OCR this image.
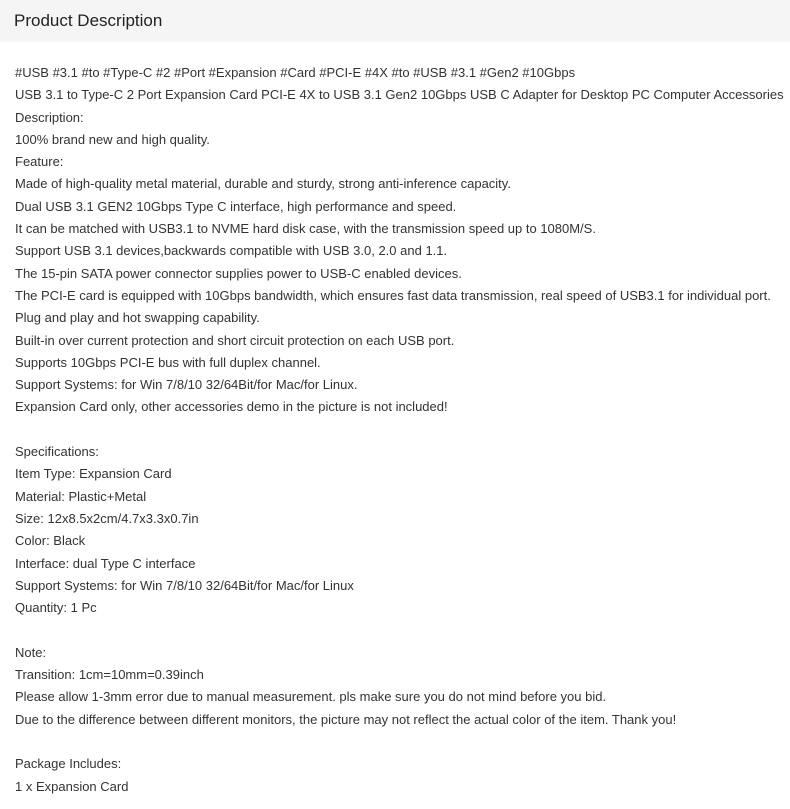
Product Description
#USB #3.1 #to #Type-C #2 #Port #Expansion #Card #PCI-E #4X #to #USB #3.1 #Gen2 #10Gbps
USB 3.1 to Type-C 2 Port Expansion Card PCI-E 4X to USB 3.1 Gen2 10Gbps USB C Adapter for Desktop PC Computer Accessories
Description:
100% brand new and high quality.
Feature:
Made of high-quality metal material, durable and sturdy, strong anti-inference capacity.
Dual USB 3.1 GEN2 10Gbps Type C interface, high performance and speed.
It can be matched with USB3.1 to NVME hard disk case, with the transmission speed up to 1080M/S.
Support USB 3.1 devices,backwards compatible with USB 3.0, 2.0 and 1.1.
The 15-pin SATA power connector supplies power to USB-C enabled devices.
The PCI-E card is equipped with 10Gbps bandwidth, which ensures fast data transmission, real speed of USB3.1 for individual port.
Plug and play and hot swapping capability.
Built-in over current protection and short circuit protection on each USB port.
Supports 10Gbps PCI-E bus with full duplex channel.
Support Systems: for Win 7/8/10 32/64Bit/for Mac/for Linux.
Expansion Card only, other accessories demo in the picture is not included!
Specifications:
Item Type: Expansion Card
Material: Plastic+Metal
Size: 12x8.5x2cm/4.7x3.3x0.7in
Color: Black
Interface: dual Type C interface
Support Systems: for Win 7/8/10 32/64Bit/for Mac/for Linux
Quantity: 1 Pc
Note:
Transition: 1cm=10mm=0.39inch
Please allow 1-3mm error due to manual measurement. pls make sure you do not mind before you bid.
Due to the difference between different monitors, the picture may not reflect the actual color of the item. Thank you!
Package Includes:
1 x Expansion Card
